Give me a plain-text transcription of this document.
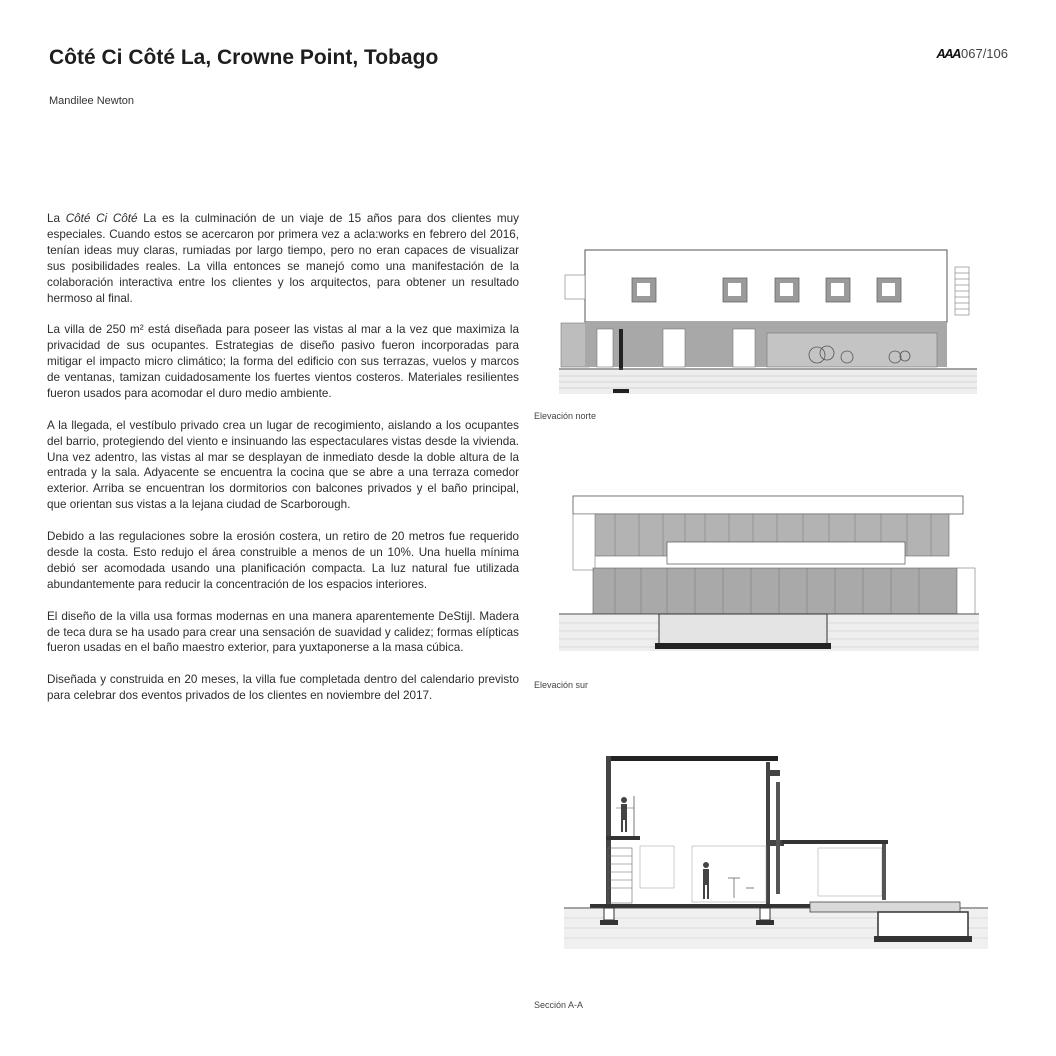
Côté Ci Côté La, Crowne Point, Tobago
Mandilee Newton
AAA067/106

La Côté Ci Côté La es la culminación de un viaje de 15 años para dos clientes muy especiales. Cuando estos se acercaron por primera vez a acla:works en febrero del 2016, tenían ideas muy claras, rumiadas por largo tiempo, pero no eran capaces de visualizar sus posibilidades reales. La villa entonces se manejó como una manifestación de la colaboración interactiva entre los clientes y los arquitectos, para obtener un resultado hermoso al final.

La villa de 250 m² está diseñada para poseer las vistas al mar a la vez que maximiza la privacidad de sus ocupantes. Estrategias de diseño pasivo fueron incorporadas para mitigar el impacto micro climático; la forma del edificio con sus terrazas, vuelos y marcos de ventanas, tamizan cuidadosamente los fuertes vientos costeros. Materiales resilientes fueron usados para acomodar el duro medio ambiente.

A la llegada, el vestíbulo privado crea un lugar de recogimiento, aislando a los ocupantes del barrio, protegiendo del viento e insinuando las espectaculares vistas desde la vivienda. Una vez adentro, las vistas al mar se desplayan de inmediato desde la doble altura de la entrada y la sala. Adyacente se encuentra la cocina que se abre a una terraza comedor exterior. Arriba se encuentran los dormitorios con balcones privados y el baño principal, que orientan sus vistas a la lejana ciudad de Scarborough.

Debido a las regulaciones sobre la erosión costera, un retiro de 20 metros fue requerido desde la costa. Esto redujo el área construible a menos de un 10%. Una huella mínima debió ser acomodada usando una planificación compacta. La luz natural fue utilizada abundantemente para reducir la concentración de los espacios interiores.

El diseño de la villa usa formas modernas en una manera aparentemente DeStijl. Madera de teca dura se ha usado para crear una sensación de suavidad y calidez; formas elípticas fueron usadas en el baño maestro exterior, para yuxtaponerse a la masa cúbica.

Diseñada y construida en 20 meses, la villa fue completada dentro del calendario previsto para celebrar dos eventos privados de los clientes en noviembre del 2017.

Elevación norte
Elevación sur
Sección A-A
